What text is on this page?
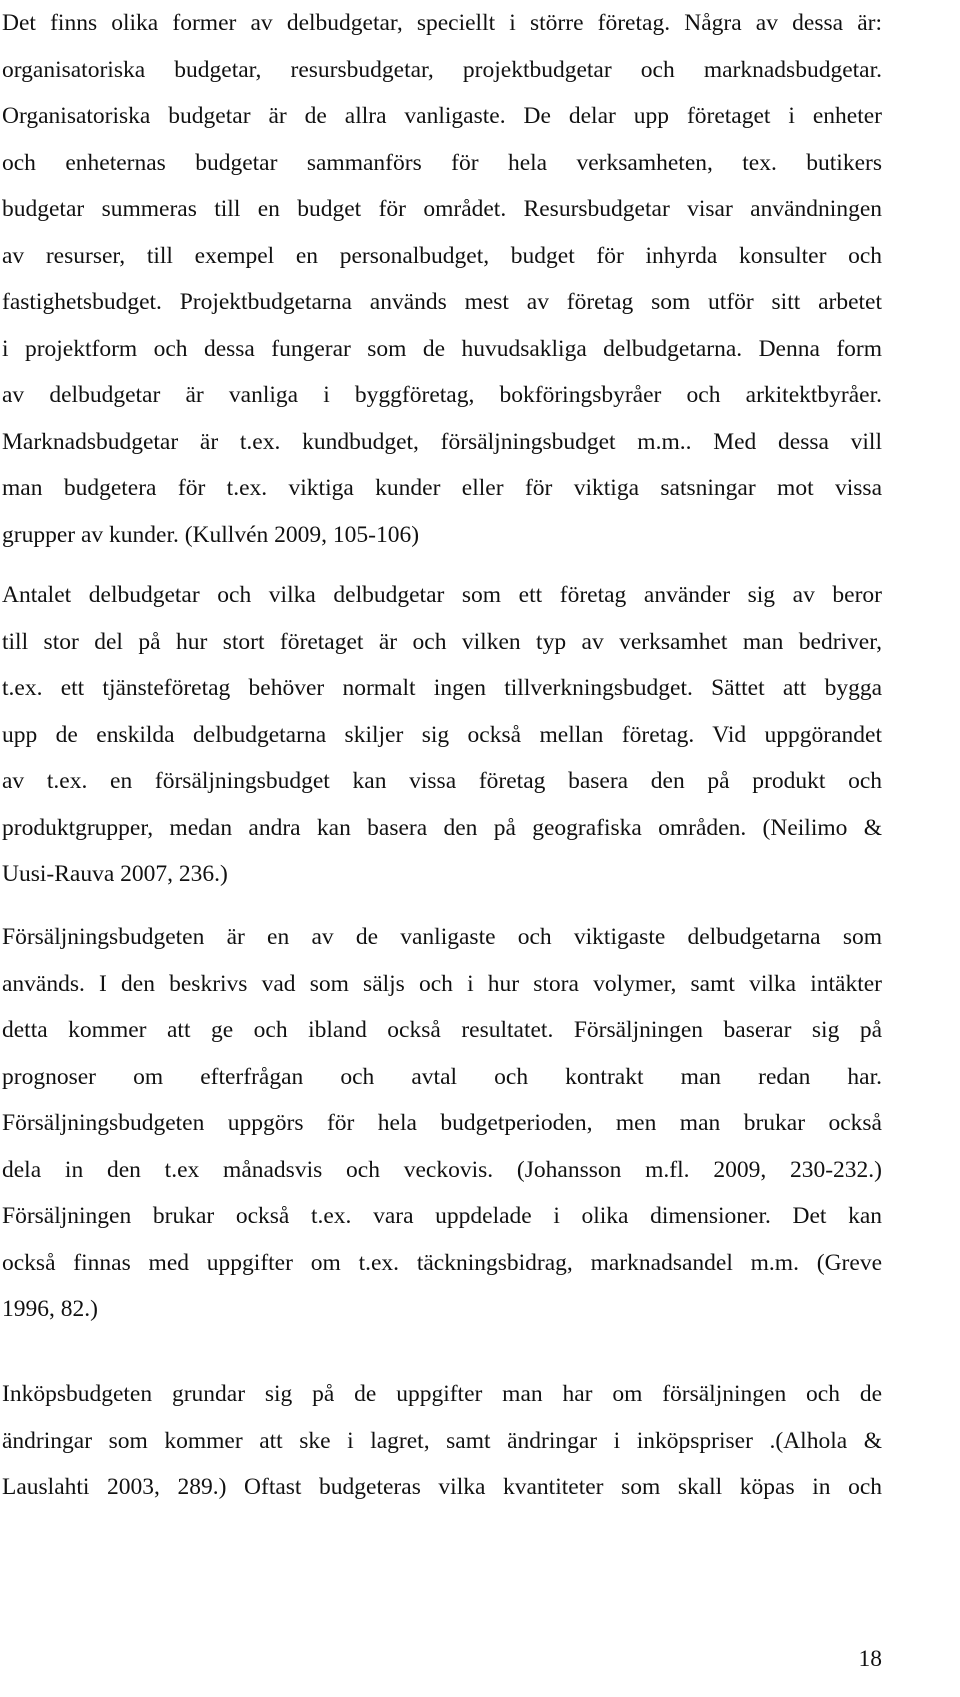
Det finns olika former av delbudgetar, speciellt i större företag. Några av dessa är:
organisatoriska budgetar, resursbudgetar, projektbudgetar och marknadsbudgetar.
Organisatoriska budgetar är de allra vanligaste. De delar upp företaget i enheter
och enheternas budgetar sammanförs för hela verksamheten, tex. butikers
budgetar summeras till en budget för området. Resursbudgetar visar användningen
av resurser, till exempel en personalbudget, budget för inhyrda konsulter och
fastighetsbudget. Projektbudgetarna används mest av företag som utför sitt arbetet
i projektform och dessa fungerar som de huvudsakliga delbudgetarna. Denna form
av delbudgetar är vanliga i byggföretag, bokföringsbyråer och arkitektbyråer.
Marknadsbudgetar är t.ex. kundbudget, försäljningsbudget m.m.. Med dessa vill
man budgetera för t.ex. viktiga kunder eller för viktiga satsningar mot vissa
grupper av kunder. (Kullvén 2009, 105-106)
Antalet delbudgetar och vilka delbudgetar som ett företag använder sig av beror
till stor del på hur stort företaget är och vilken typ av verksamhet man bedriver,
t.ex. ett tjänsteföretag behöver normalt ingen tillverkningsbudget. Sättet att bygga
upp de enskilda delbudgetarna skiljer sig också mellan företag. Vid uppgörandet
av t.ex. en försäljningsbudget kan vissa företag basera den på produkt och
produktgrupper, medan andra kan basera den på geografiska områden. (Neilimo &
Uusi-Rauva 2007, 236.)
Försäljningsbudgeten är en av de vanligaste och viktigaste delbudgetarna som
används. I den beskrivs vad som säljs och i hur stora volymer, samt vilka intäkter
detta kommer att ge och ibland också resultatet. Försäljningen baserar sig på
prognoser om efterfrågan och avtal och kontrakt man redan har.
Försäljningsbudgeten uppgörs för hela budgetperioden, men man brukar också
dela in den t.ex månadsvis och veckovis. (Johansson m.fl. 2009, 230-232.)
Försäljningen brukar också t.ex. vara uppdelade i olika dimensioner. Det kan
också finnas med uppgifter om t.ex. täckningsbidrag, marknadsandel m.m. (Greve
1996, 82.)
Inköpsbudgeten grundar sig på de uppgifter man har om försäljningen och de
ändringar som kommer att ske i lagret, samt ändringar i inköpspriser .(Alhola &
Lauslahti 2003, 289.) Oftast budgeteras vilka kvantiteter som skall köpas in och
18
